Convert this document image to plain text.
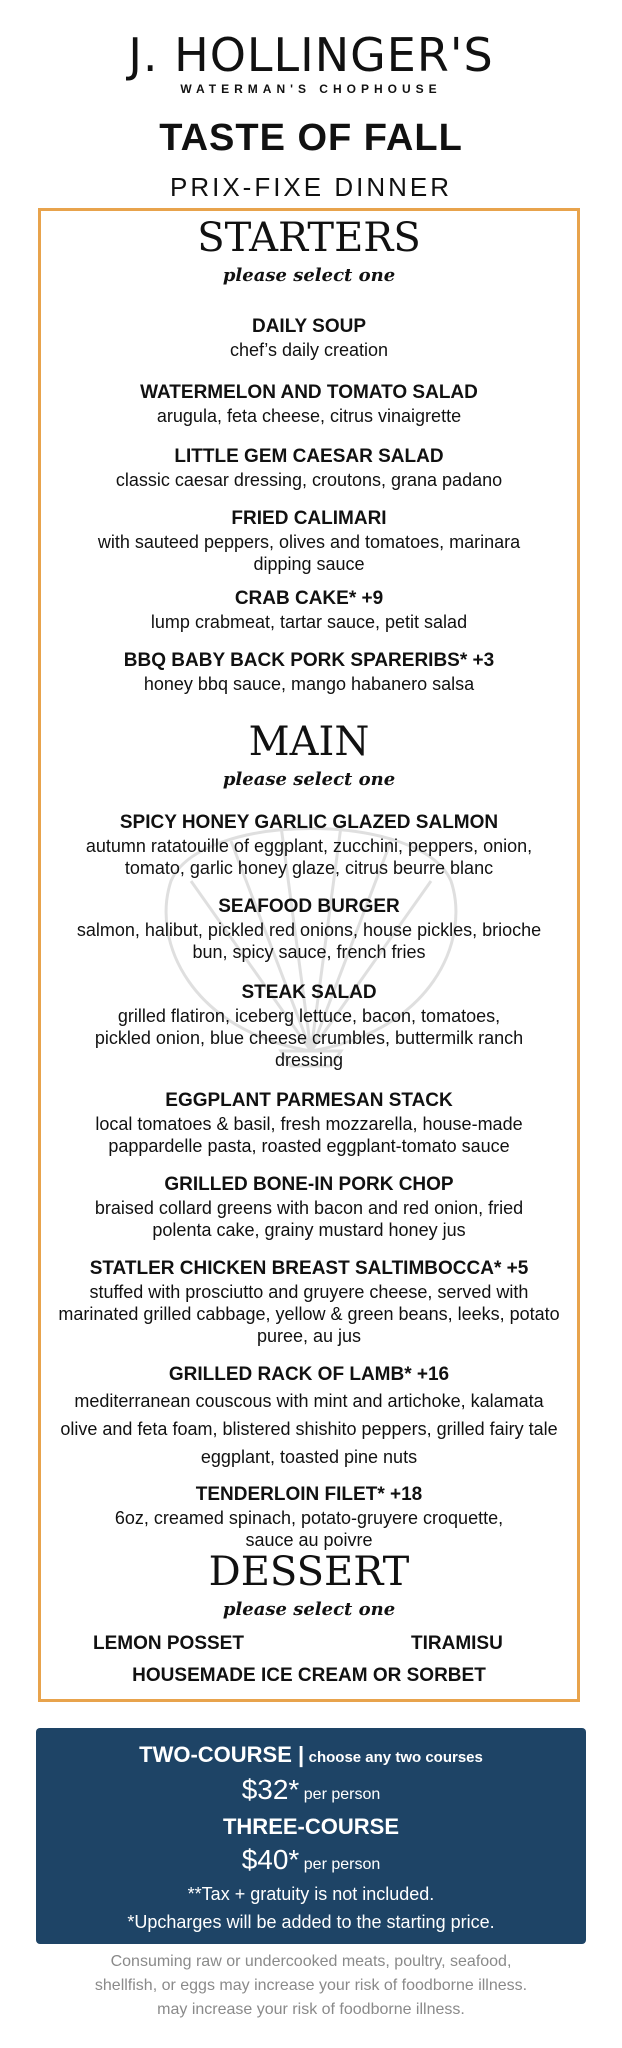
J. HOLLINGER'S
WATERMAN'S CHOPHOUSE
TASTE OF FALL
PRIX-FIXE DINNER
STARTERS
please select one
DAILY SOUP
chef’s daily creation
WATERMELON AND TOMATO SALAD
arugula, feta cheese, citrus vinaigrette
LITTLE GEM CAESAR SALAD
classic caesar dressing, croutons, grana padano
FRIED CALIMARI
with sauteed peppers, olives and tomatoes, marinara dipping sauce
CRAB CAKE* +9
lump crabmeat, tartar sauce, petit salad
BBQ BABY BACK PORK SPARERIBS* +3
honey bbq sauce, mango habanero salsa
MAIN
please select one
SPICY HONEY GARLIC GLAZED SALMON
autumn ratatouille of eggplant, zucchini, peppers, onion, tomato, garlic honey glaze, citrus beurre blanc
SEAFOOD BURGER
salmon, halibut, pickled red onions, house pickles, brioche bun, spicy sauce, french fries
STEAK SALAD
grilled flatiron, iceberg lettuce, bacon, tomatoes, pickled onion, blue cheese crumbles, buttermilk ranch dressing
EGGPLANT PARMESAN STACK
local tomatoes & basil, fresh mozzarella, house-made pappardelle pasta, roasted eggplant-tomato sauce
GRILLED BONE-IN PORK CHOP
braised collard greens with bacon and red onion, fried polenta cake, grainy mustard honey jus
STATLER CHICKEN BREAST SALTIMBOCCA* +5
stuffed with prosciutto and gruyere cheese, served with marinated grilled cabbage, yellow & green beans, leeks, potato puree, au jus
GRILLED RACK OF LAMB* +16
mediterranean couscous with mint and artichoke, kalamata olive and feta foam, blistered shishito peppers, grilled fairy tale eggplant, toasted pine nuts
TENDERLOIN FILET* +18
6oz, creamed spinach, potato-gruyere croquette, sauce au poivre
DESSERT
please select one
LEMON POSSET	TIRAMISU
HOUSEMADE ICE CREAM OR SORBET
TWO-COURSE | choose any two courses
$32* per person
THREE-COURSE
$40* per person
**Tax + gratuity is not included.
*Upcharges will be added to the starting price.
Consuming raw or undercooked meats, poultry, seafood,
shellfish, or eggs may increase your risk of foodborne illness.
may increase your risk of foodborne illness.
